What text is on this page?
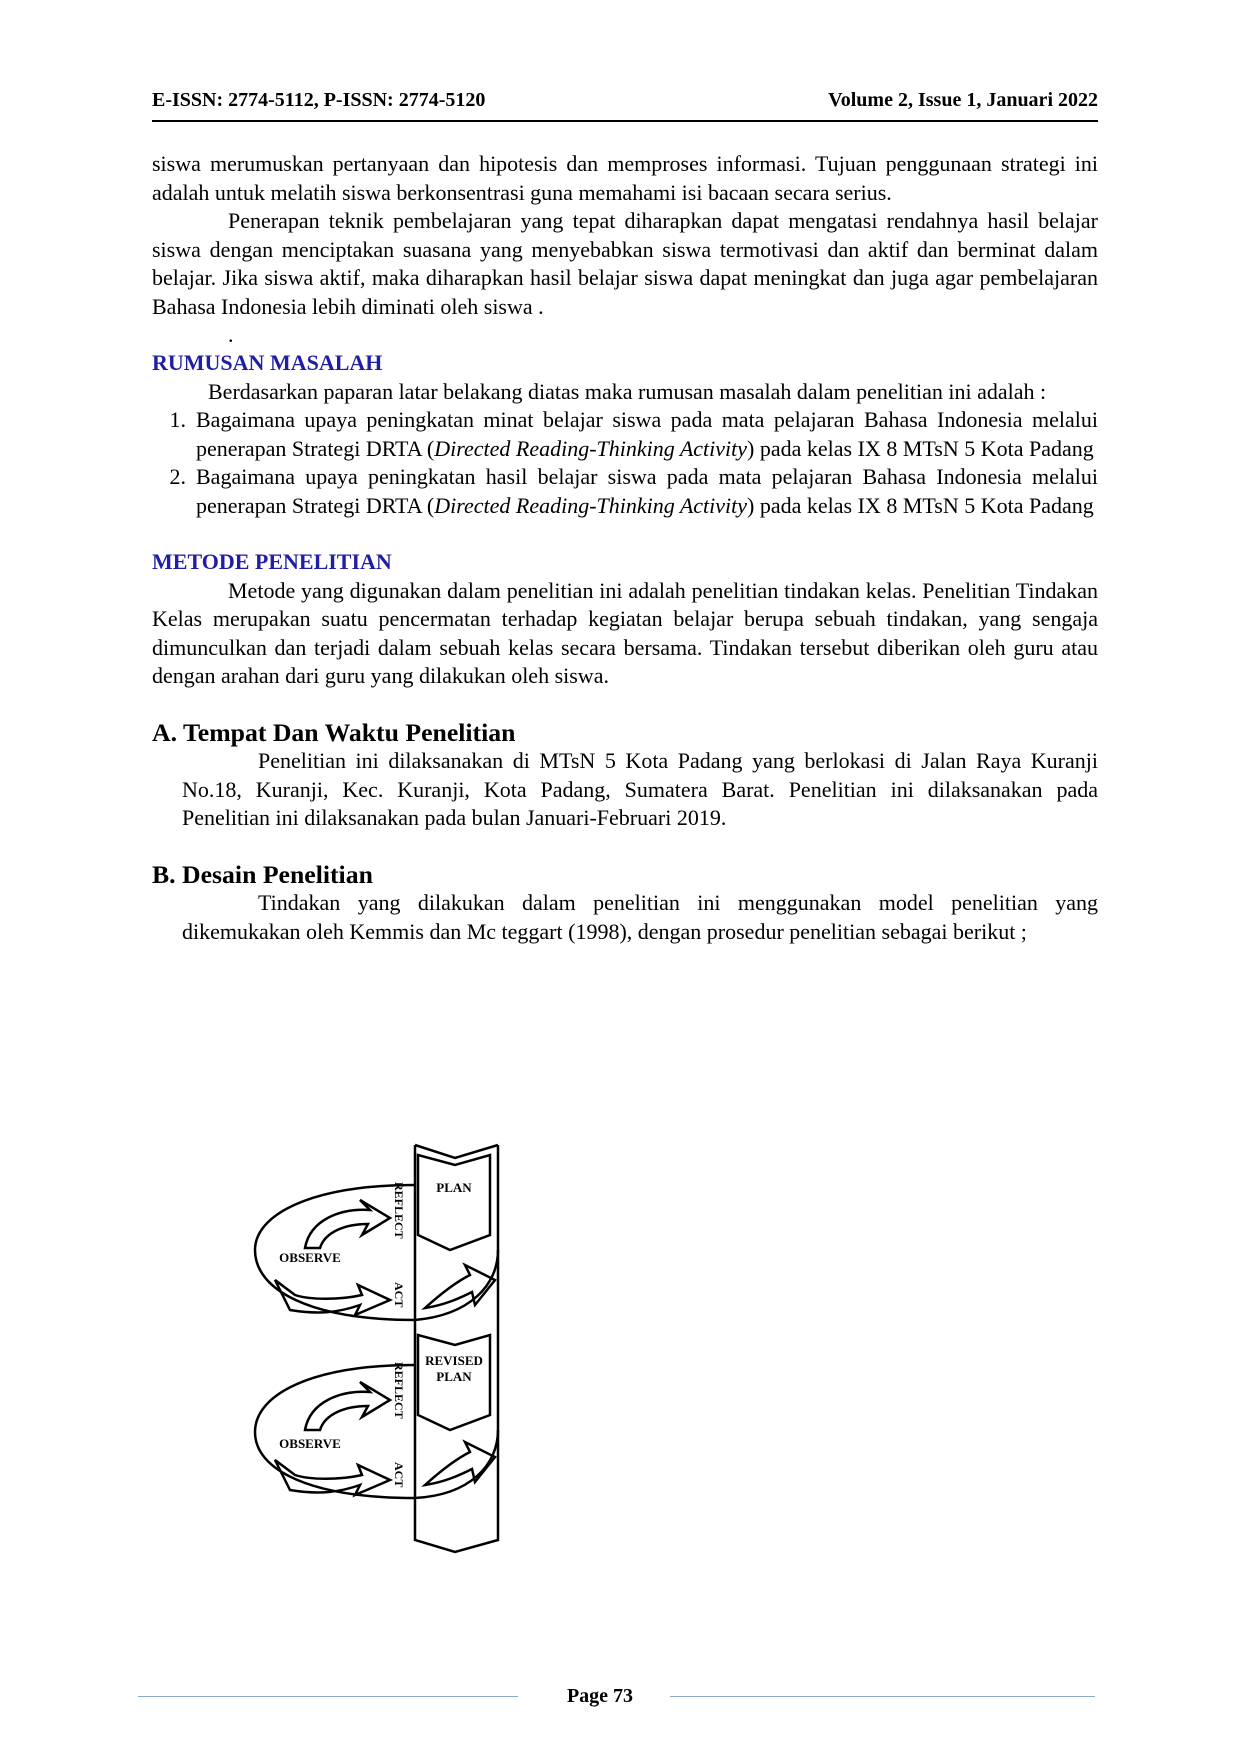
E-ISSN: 2774-5112, P-ISSN: 2774-5120	Volume 2, Issue 1, Januari 2022

siswa merumuskan pertanyaan dan hipotesis dan memproses informasi. Tujuan penggunaan strategi ini adalah untuk melatih siswa berkonsentrasi guna memahami isi bacaan secara serius.

Penerapan teknik pembelajaran yang tepat diharapkan dapat mengatasi rendahnya hasil belajar siswa dengan menciptakan suasana yang menyebabkan siswa termotivasi dan aktif dan berminat dalam belajar. Jika siswa aktif, maka diharapkan hasil belajar siswa dapat meningkat dan juga agar pembelajaran Bahasa Indonesia lebih diminati oleh siswa .

.
RUMUSAN MASALAH

Berdasarkan paparan latar belakang diatas maka rumusan masalah dalam penelitian ini adalah :

1. Bagaimana upaya peningkatan minat belajar siswa pada mata pelajaran Bahasa Indonesia melalui penerapan Strategi DRTA (Directed Reading-Thinking Activity) pada kelas IX 8 MTsN 5 Kota Padang
2. Bagaimana upaya peningkatan hasil belajar siswa pada mata pelajaran Bahasa Indonesia melalui penerapan Strategi DRTA (Directed Reading-Thinking Activity) pada kelas IX 8 MTsN 5 Kota Padang
METODE PENELITIAN

Metode yang digunakan dalam penelitian ini adalah penelitian tindakan kelas. Penelitian Tindakan Kelas merupakan suatu pencermatan terhadap kegiatan belajar berupa sebuah tindakan, yang sengaja dimunculkan dan terjadi dalam sebuah kelas secara bersama. Tindakan tersebut diberikan oleh guru atau dengan arahan dari guru yang dilakukan oleh siswa.

A. Tempat Dan Waktu Penelitian

Penelitian ini dilaksanakan di MTsN 5 Kota Padang yang berlokasi di Jalan Raya Kuranji No.18, Kuranji, Kec. Kuranji, Kota Padang, Sumatera Barat. Penelitian ini dilaksanakan pada Penelitian ini dilaksanakan pada bulan Januari-Februari 2019.

B. Desain Penelitian

Tindakan yang dilakukan dalam penelitian ini menggunakan model penelitian yang dikemukakan oleh Kemmis dan Mc teggart (1998), dengan prosedur penelitian sebagai berikut ;

PLAN
REVISED
PLAN
OBSERVE
OBSERVE
REFLECT
REFLECT
ACT
ACT
Page 73
